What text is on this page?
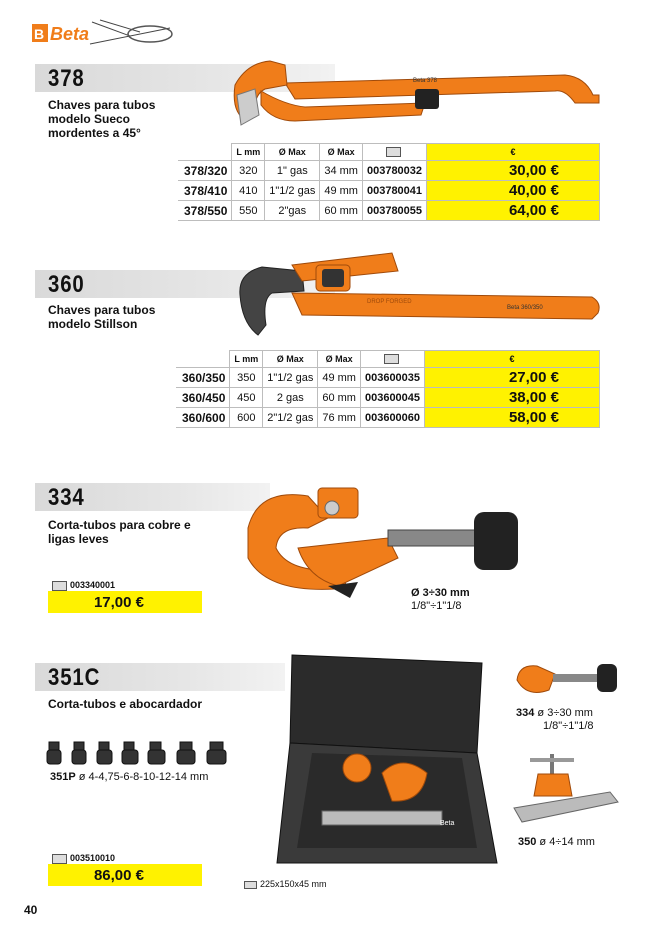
B Beta
378
Chaves para tubos
modelo Sueco
mordentes a 45°
Beta 378
	L mm	Ø Max	Ø Max		€
378/320	320	1" gas	34 mm	003780032	30,00 €
378/410	410	1"1/2 gas	49 mm	003780041	40,00 €
378/550	550	2"gas	60 mm	003780055	64,00 €
360
Chaves para tubos
modelo Stillson
Beta 360/350
DROP FORGED
	L mm	Ø Max	Ø Max		€
360/350	350	1"1/2 gas	49 mm	003600035	27,00 €
360/450	450	2 gas	60 mm	003600045	38,00 €
360/600	600	2"1/2 gas	76 mm	003600060	58,00 €
334
Corta-tubos para cobre e
ligas leves
003340001
17,00 €
Ø 3÷30 mm
1/8"÷1"1/8
351C
Corta-tubos e abocardador
351P ø 4-4,75-6-8-10-12-14 mm
Beta
225x150x45 mm
334 ø 3÷30 mm
1/8"÷1"1/8
350 ø 4÷14 mm
003510010
86,00 €
40
